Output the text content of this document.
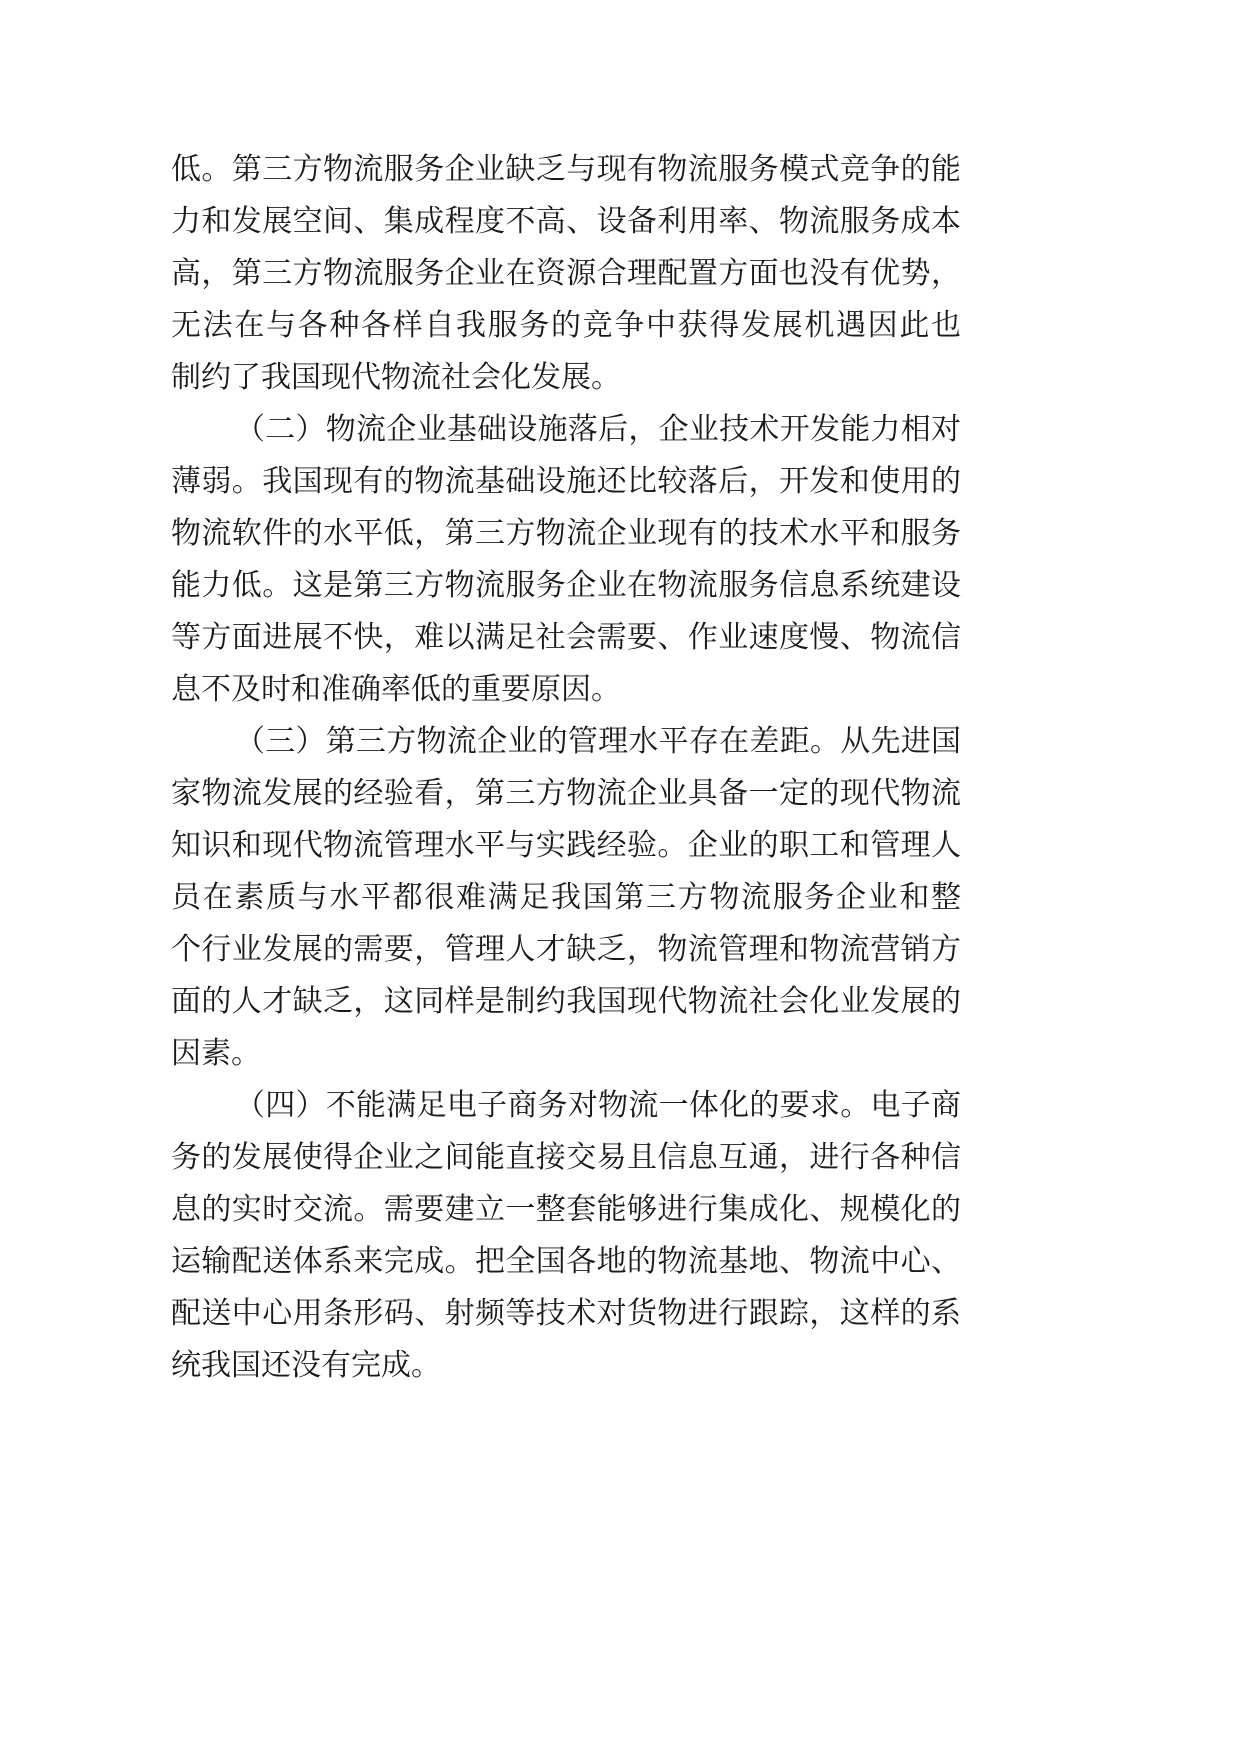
低。第三方物流服务企业缺乏与现有物流服务模式竞争的能
力和发展空间、集成程度不高、设备利用率、物流服务成本
高，第三方物流服务企业在资源合理配置方面也没有优势，
无法在与各种各样自我服务的竞争中获得发展机遇因此也
制约了我国现代物流社会化发展。
（二）物流企业基础设施落后，企业技术开发能力相对
薄弱。我国现有的物流基础设施还比较落后，开发和使用的
物流软件的水平低，第三方物流企业现有的技术水平和服务
能力低。这是第三方物流服务企业在物流服务信息系统建设
等方面进展不快，难以满足社会需要、作业速度慢、物流信
息不及时和准确率低的重要原因。
（三）第三方物流企业的管理水平存在差距。从先进国
家物流发展的经验看，第三方物流企业具备一定的现代物流
知识和现代物流管理水平与实践经验。企业的职工和管理人
员在素质与水平都很难满足我国第三方物流服务企业和整
个行业发展的需要，管理人才缺乏，物流管理和物流营销方
面的人才缺乏，这同样是制约我国现代物流社会化业发展的
因素。
（四）不能满足电子商务对物流一体化的要求。电子商
务的发展使得企业之间能直接交易且信息互通，进行各种信
息的实时交流。需要建立一整套能够进行集成化、规模化的
运输配送体系来完成。把全国各地的物流基地、物流中心、
配送中心用条形码、射频等技术对货物进行跟踪，这样的系
统我国还没有完成。
